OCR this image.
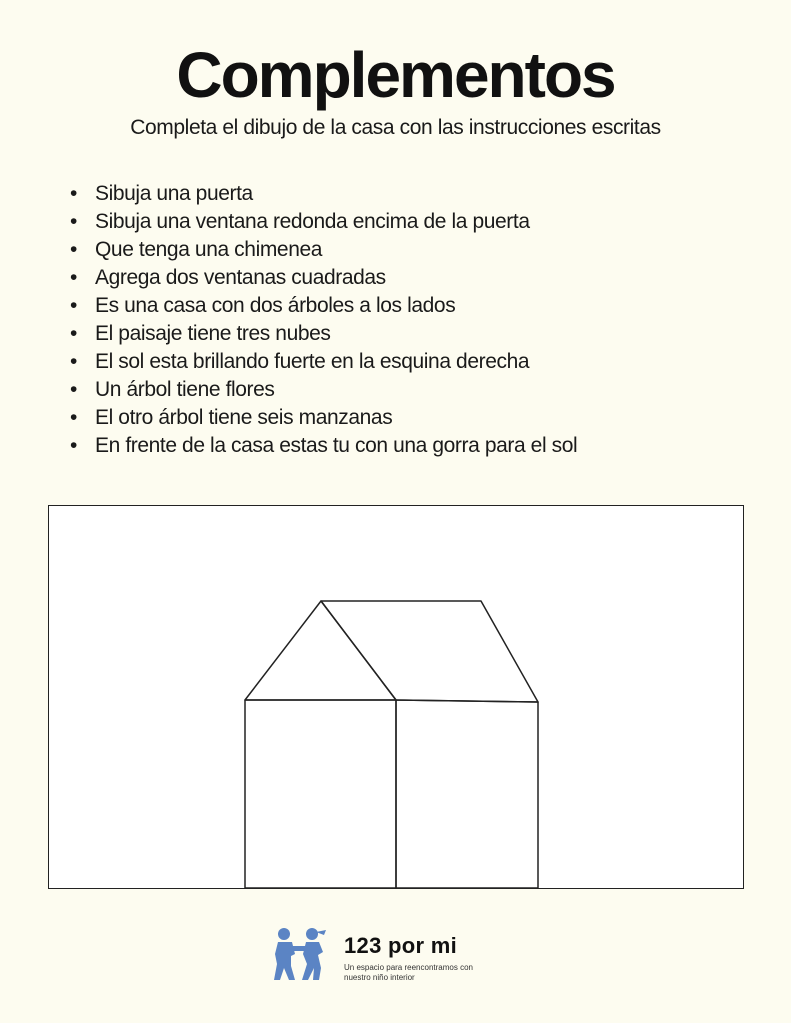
Complementos
Completa el dibujo de la casa con las instrucciones escritas
• Sibuja una puerta
• Sibuja una ventana redonda encima de la puerta
• Que tenga una chimenea
• Agrega dos ventanas cuadradas
• Es una casa con dos árboles a los lados
• El paisaje tiene tres nubes
• El sol esta brillando fuerte en la esquina derecha
• Un árbol tiene flores
• El otro árbol tiene seis manzanas
• En frente de la casa estas tu con una gorra para el sol
123 por mi
Un espacio para reencontramos con nuestro niño interior
